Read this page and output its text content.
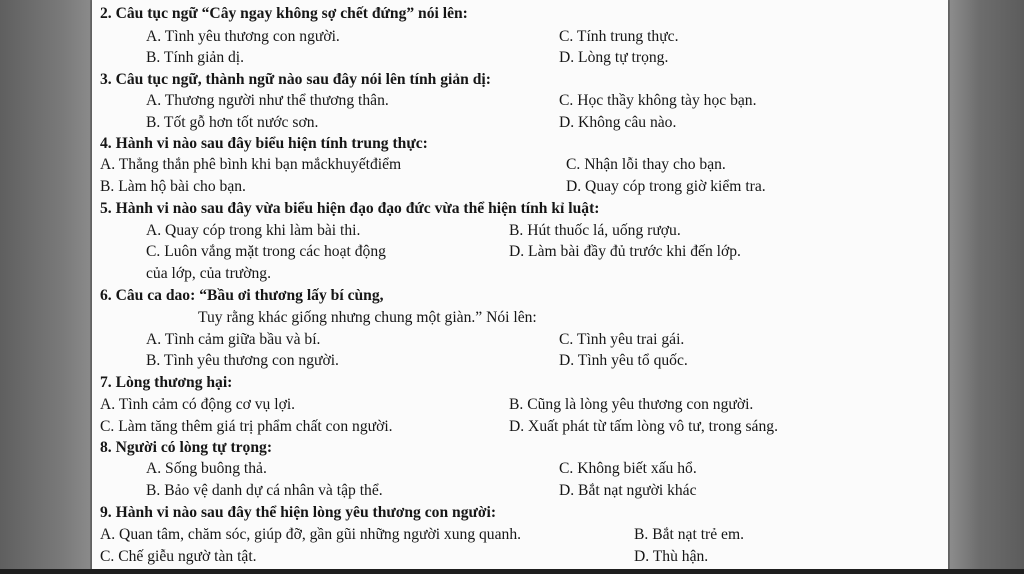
2. Câu tục ngữ “Cây ngay không sợ chết đứng” nói lên:
A. Tình yêu thương con người.	C. Tính trung thực.
B. Tính giản dị.	D. Lòng tự trọng.
3. Câu tục ngữ, thành ngữ nào sau đây nói lên tính giản dị:
A. Thương người như thể thương thân.	C. Học thầy không tày học bạn.
B. Tốt gỗ hơn tốt nước sơn.	D. Không câu nào.
4. Hành vi nào sau đây biểu hiện tính trung thực:
A. Thẳng thắn phê bình khi bạn mắckhuyếtđiểm	C. Nhận lỗi thay cho bạn.
B. Làm hộ bài cho bạn.	D. Quay cóp trong giờ kiểm tra.
5. Hành vi nào sau đây vừa biểu hiện đạo đạo đức vừa thể hiện tính kỉ luật:
A. Quay cóp trong khi làm bài thi.	B. Hút thuốc lá, uống rượu.
C. Luôn vắng mặt trong các hoạt động	D. Làm bài đầy đủ trước khi đến lớp.
của lớp, của trường.
6. Câu ca dao: “Bầu ơi thương lấy bí cùng,
Tuy rằng khác giống nhưng chung một giàn.” Nói lên:
A. Tình cảm giữa bầu và bí.	C. Tình yêu trai gái.
B. Tình yêu thương con người.	D. Tình yêu tổ quốc.
7. Lòng thương hại:
A. Tình cảm có động cơ vụ lợi.	B. Cũng là lòng yêu thương con người.
C. Làm tăng thêm giá trị phẩm chất con người.	D. Xuất phát từ tấm lòng vô tư, trong sáng.
8. Người có lòng tự trọng:
A. Sống buông thả.	C. Không biết xấu hổ.
B. Bảo vệ danh dự cá nhân và tập thể.	D. Bắt nạt người khác
9. Hành vi nào sau đây thể hiện lòng yêu thương con người:
A. Quan tâm, chăm sóc, giúp đỡ, gần gũi những người xung quanh.	B. Bắt nạt trẻ em.
C. Chế giễu ngườ tàn tật.	D. Thù hận.
